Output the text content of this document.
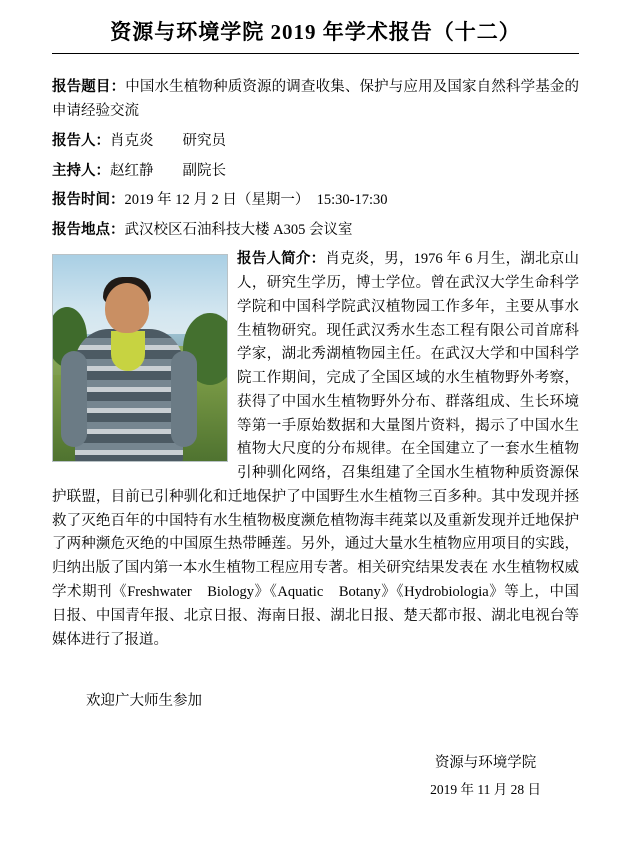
资源与环境学院 2019 年学术报告（十二）
报告题目：中国水生植物种质资源的调查收集、保护与应用及国家自然科学基金的申请经验交流
报告人：肖克炎　　研究员
主持人：赵红静　　副院长
报告时间：2019 年 12 月 2 日（星期一）　15:30-17:30
报告地点：武汉校区石油科技大楼 A305 会议室
报告人简介：肖克炎，男，1976 年 6 月生，湖北京山人，研究生学历，博士学位。曾在武汉大学生命科学学院和中国科学院武汉植物园工作多年，主要从事水生植物研究。现任武汉秀水生态工程有限公司首席科学家，湖北秀湖植物园主任。在武汉大学和中国科学院工作期间，完成了全国区域的水生植物野外考察，获得了中国水生植物野外分布、群落组成、生长环境等第一手原始数据和大量图片资料，揭示了中国水生植物大尺度的分布规律。在全国建立了一套水生植物引种驯化网络，召集组建了全国水生植物种质资源保护联盟，目前已引种驯化和迁地保护了中国野生水生植物三百多种。其中发现并拯救了灭绝百年的中国特有水生植物极度濒危植物海丰莼菜以及重新发现并迁地保护了两种濒危灭绝的中国原生热带睡莲。另外，通过大量水生植物应用项目的实践，归纳出版了国内第一本水生植物工程应用专著。相关研究结果发表在 水生植物权威学术期刊《Freshwater　Biology》《Aquatic　Botany》《Hydrobiologia》等上，中国日报、中国青年报、北京日报、海南日报、湖北日报、楚天都市报、湖北电视台等媒体进行了报道。
欢迎广大师生参加
资源与环境学院
2019 年 11 月 28 日
